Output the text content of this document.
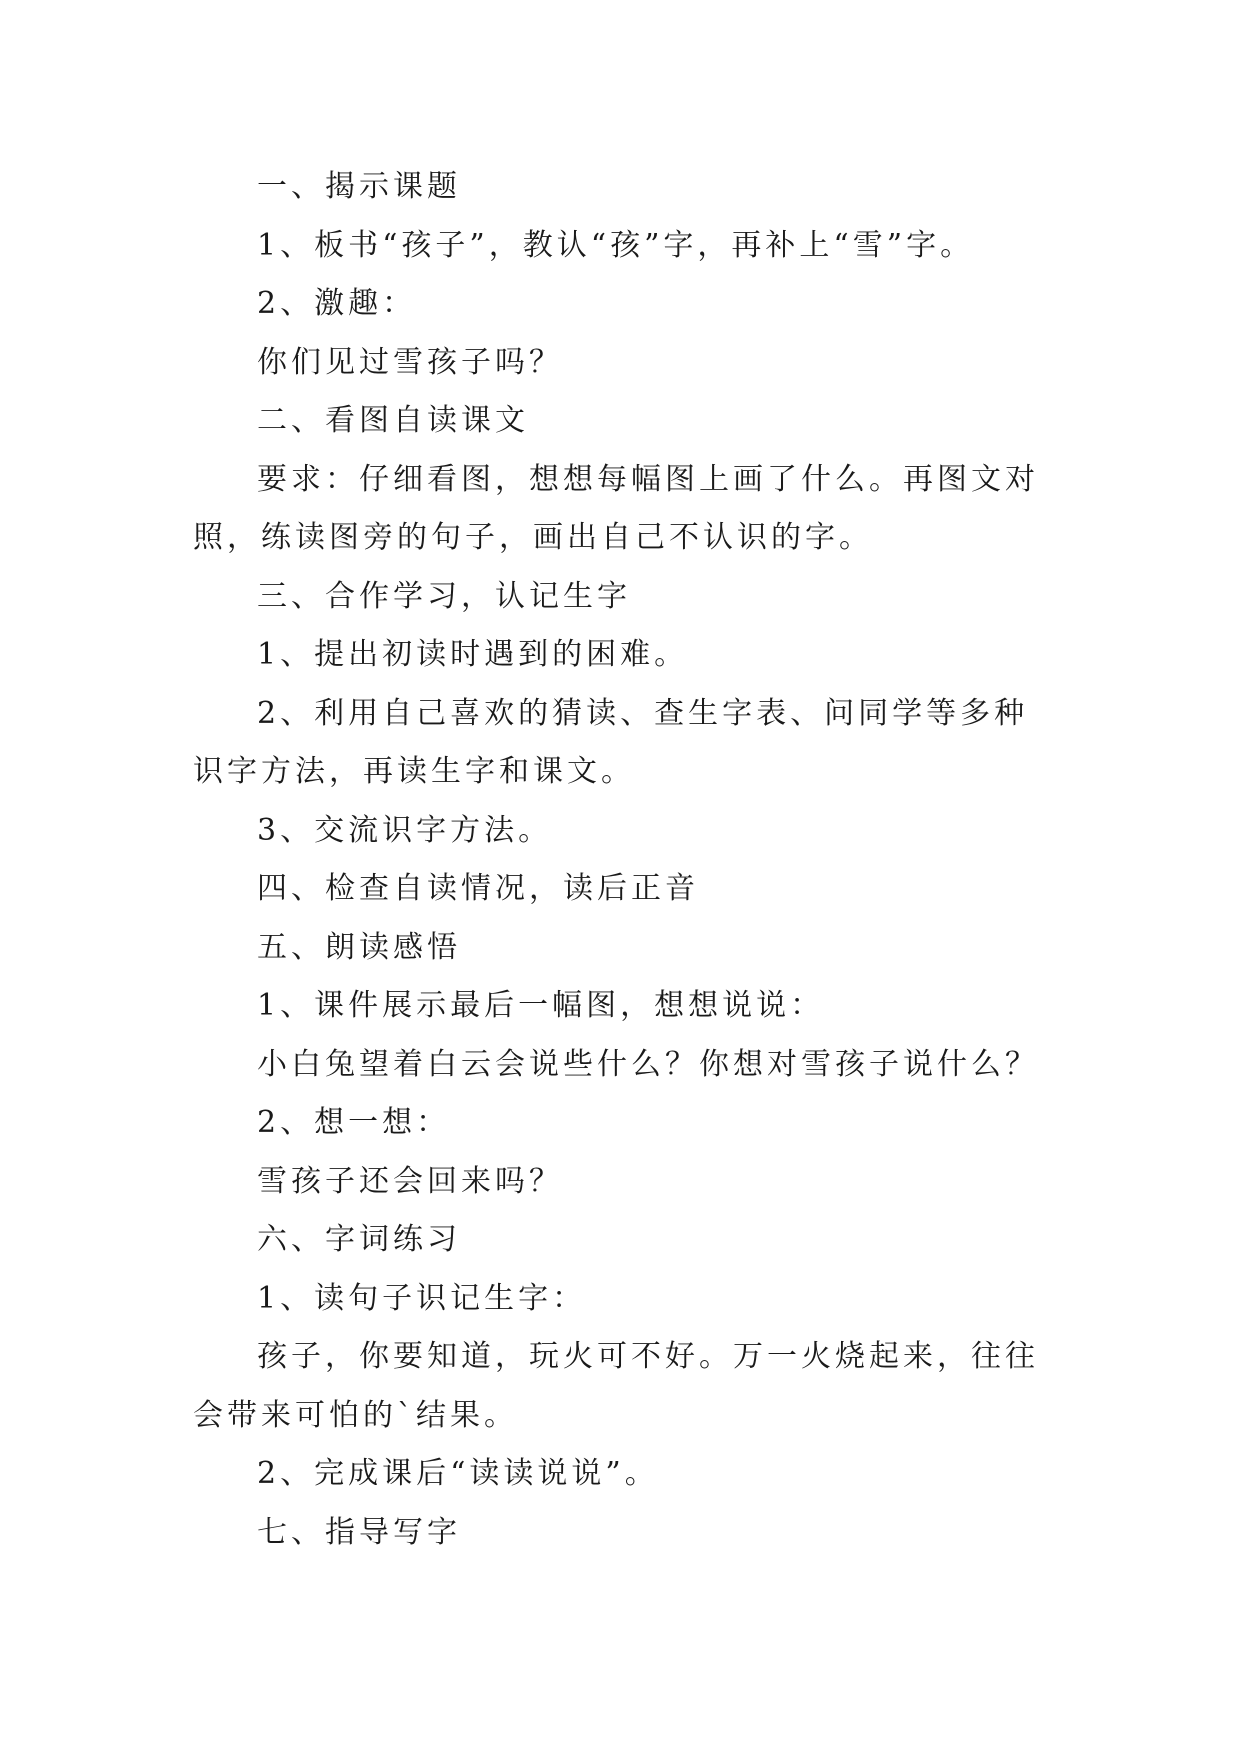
一、揭示课题

1、板书“孩子”，教认“孩”字，再补上“雪”字。

2、激趣：

你们见过雪孩子吗？

二、看图自读课文

要求：仔细看图，想想每幅图上画了什么。再图文对照，练读图旁的句子，画出自己不认识的字。

三、合作学习，认记生字

1、提出初读时遇到的困难。

2、利用自己喜欢的猜读、查生字表、问同学等多种识字方法，再读生字和课文。

3、交流识字方法。

四、检查自读情况，读后正音

五、朗读感悟

1、课件展示最后一幅图，想想说说：

小白兔望着白云会说些什么？你想对雪孩子说什么？

2、想一想：

雪孩子还会回来吗？

六、字词练习

1、读句子识记生字：

孩子，你要知道，玩火可不好。万一火烧起来，往往会带来可怕的`结果。

2、完成课后“读读说说”。

七、指导写字
